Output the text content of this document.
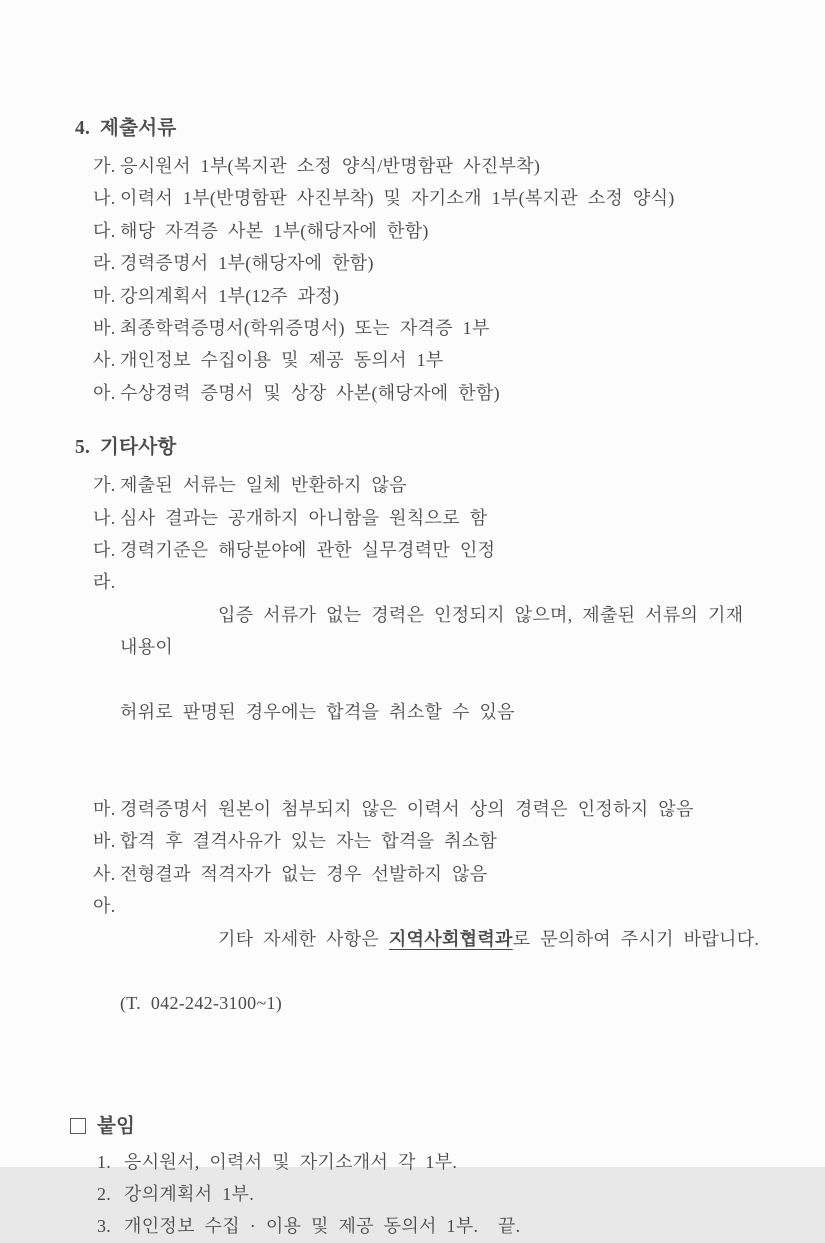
4. 제출서류
가. 응시원서 1부(복지관 소정 양식/반명함판 사진부착)
나. 이력서 1부(반명함판 사진부착) 및 자기소개 1부(복지관 소정 양식)
다. 해당 자격증 사본 1부(해당자에 한함)
라. 경력증명서 1부(해당자에 한함)
마. 강의계획서 1부(12주 과정)
바. 최종학력증명서(학위증명서) 또는 자격증 1부
사. 개인정보 수집이용 및 제공 동의서 1부
아. 수상경력 증명서 및 상장 사본(해당자에 한함)
5. 기타사항
가. 제출된 서류는 일체 반환하지 않음
나. 심사 결과는 공개하지 아니함을 원칙으로 함
다. 경력기준은 해당분야에 관한 실무경력만 인정
라.

입증 서류가 없는 경력은 인정되지 않으며, 제출된 서류의 기재 내용이

허위로 판명된 경우에는 합격을 취소할 수 있음

마. 경력증명서 원본이 첨부되지 않은 이력서 상의 경력은 인정하지 않음
바. 합격 후 결격사유가 있는 자는 합격을 취소함
사. 전형결과 적격자가 없는 경우 선발하지 않음
아.

기타 자세한 사항은 지역사회협력과로 문의하여 주시기 바랍니다.

(T. 042-242-3100~1)

붙임
1. 응시원서, 이력서 및 자기소개서 각 1부.
2. 강의계획서 1부.
3. 개인정보 수집 · 이용 및 제공 동의서 1부.  끝.
